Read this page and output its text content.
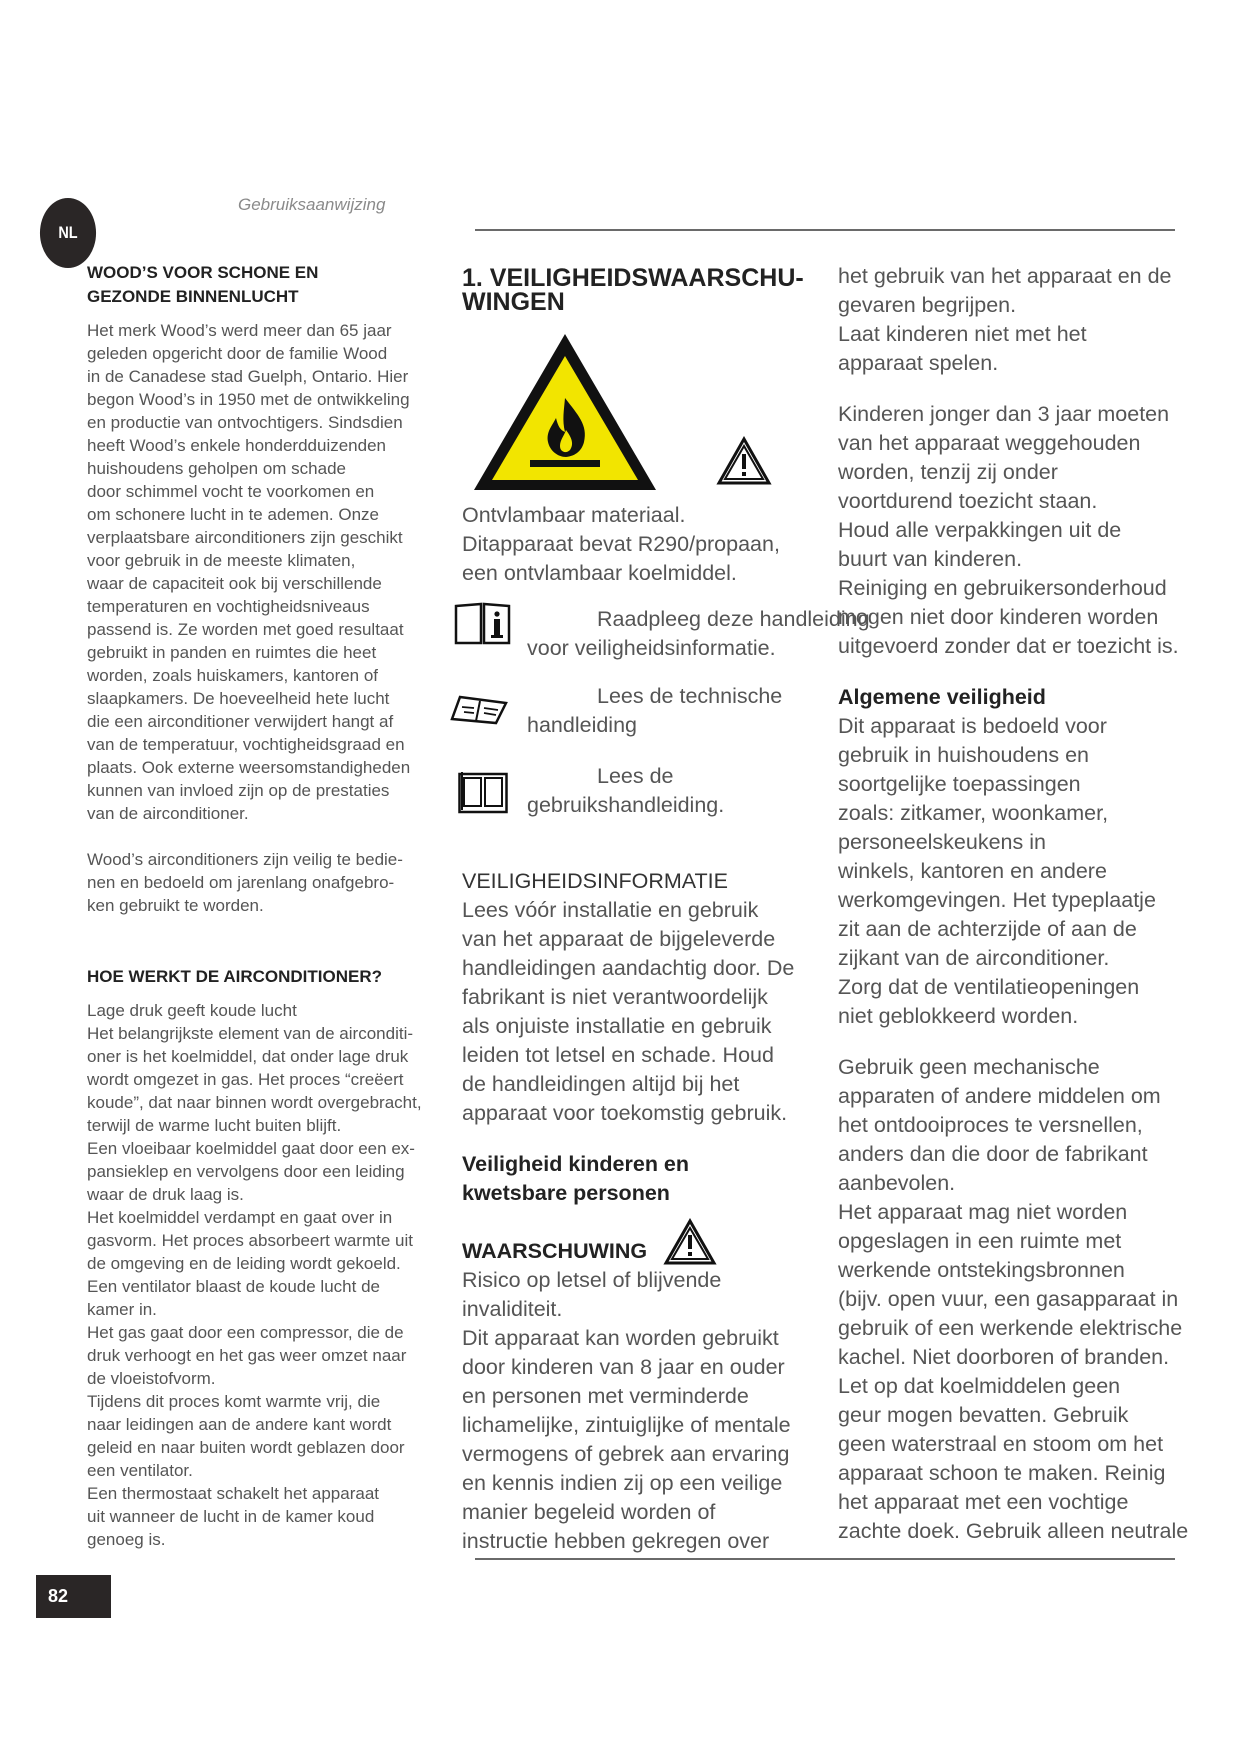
NL
Gebruiksaanwijzing
WOOD’S VOOR SCHONE EN
GEZONDE BINNENLUCHT
Het merk Wood’s werd meer dan 65 jaar
geleden opgericht door de familie Wood
in de Canadese stad Guelph, Ontario. Hier
begon Wood’s in 1950 met de ontwikkeling
en productie van ontvochtigers. Sindsdien
heeft Wood’s enkele honderdduizenden
huishoudens geholpen om schade
door schimmel vocht te voorkomen en
om schonere lucht in te ademen. Onze
verplaatsbare airconditioners zijn geschikt
voor gebruik in de meeste klimaten,
waar de capaciteit ook bij verschillende
temperaturen en vochtigheidsniveaus
passend is. Ze worden met goed resultaat
gebruikt in panden en ruimtes die heet
worden, zoals huiskamers, kantoren of
slaapkamers. De hoeveelheid hete lucht
die een airconditioner verwijdert hangt af
van de temperatuur, vochtigheidsgraad en
plaats. Ook externe weersomstandigheden
kunnen van invloed zijn op de prestaties
van de airconditioner.
Wood’s airconditioners zijn veilig te bedie-
nen en bedoeld om jarenlang onafgebro-
ken gebruikt te worden.
HOE WERKT DE AIRCONDITIONER?
Lage druk geeft koude lucht
Het belangrijkste element van de airconditi-
oner is het koelmiddel, dat onder lage druk
wordt omgezet in gas. Het proces “creëert
koude”, dat naar binnen wordt overgebracht,
terwijl de warme lucht buiten blijft.
Een vloeibaar koelmiddel gaat door een ex-
pansieklep en vervolgens door een leiding
waar de druk laag is.
Het koelmiddel verdampt en gaat over in
gasvorm. Het proces absorbeert warmte uit
de omgeving en de leiding wordt gekoeld.
Een ventilator blaast de koude lucht de
kamer in.
Het gas gaat door een compressor, die de
druk verhoogt en het gas weer omzet naar
de vloeistofvorm.
Tijdens dit proces komt warmte vrij, die
naar leidingen aan de andere kant wordt
geleid en naar buiten wordt geblazen door
een ventilator.
Een thermostaat schakelt het apparaat
uit wanneer de lucht in de kamer koud
genoeg is.
1. VEILIGHEIDSWAARSCHU-
WINGEN
Ontvlambaar materiaal.
Ditapparaat bevat R290/propaan,
een ontvlambaar koelmiddel.
Raadpleeg deze handleiding
voor veiligheidsinformatie.
Lees de technische
handleiding
Lees de
gebruikshandleiding.
VEILIGHEIDSINFORMATIE
Lees vóór installatie en gebruik
van het apparaat de bijgeleverde
handleidingen aandachtig door. De
fabrikant is niet verantwoordelijk
als onjuiste installatie en gebruik
leiden tot letsel en schade. Houd
de handleidingen altijd bij het
apparaat voor toekomstig gebruik.
Veiligheid kinderen en
kwetsbare personen
WAARSCHUWING
Risico op letsel of blijvende
invaliditeit.
Dit apparaat kan worden gebruikt
door kinderen van 8 jaar en ouder
en personen met verminderde
lichamelijke, zintuiglijke of mentale
vermogens of gebrek aan ervaring
en kennis indien zij op een veilige
manier begeleid worden of
instructie hebben gekregen over
het gebruik van het apparaat en de
gevaren begrijpen.
Laat kinderen niet met het
apparaat spelen.
Kinderen jonger dan 3 jaar moeten
van het apparaat weggehouden
worden, tenzij zij onder
voortdurend toezicht staan.
Houd alle verpakkingen uit de
buurt van kinderen.
Reiniging en gebruikersonderhoud
mogen niet door kinderen worden
uitgevoerd zonder dat er toezicht is.
Algemene veiligheid
Dit apparaat is bedoeld voor
gebruik in huishoudens en
soortgelijke toepassingen
zoals: zitkamer, woonkamer,
personeelskeukens in
winkels, kantoren en andere
werkomgevingen. Het typeplaatje
zit aan de achterzijde of aan de
zijkant van de airconditioner.
Zorg dat de ventilatieopeningen
niet geblokkeerd worden.
Gebruik geen mechanische
apparaten of andere middelen om
het ontdooiproces te versnellen,
anders dan die door de fabrikant
aanbevolen.
Het apparaat mag niet worden
opgeslagen in een ruimte met
werkende ontstekingsbronnen
(bijv. open vuur, een gasapparaat in
gebruik of een werkende elektrische
kachel. Niet doorboren of branden.
Let op dat koelmiddelen geen
geur mogen bevatten. Gebruik
geen waterstraal en stoom om het
apparaat schoon te maken. Reinig
het apparaat met een vochtige
zachte doek. Gebruik alleen neutrale
82
